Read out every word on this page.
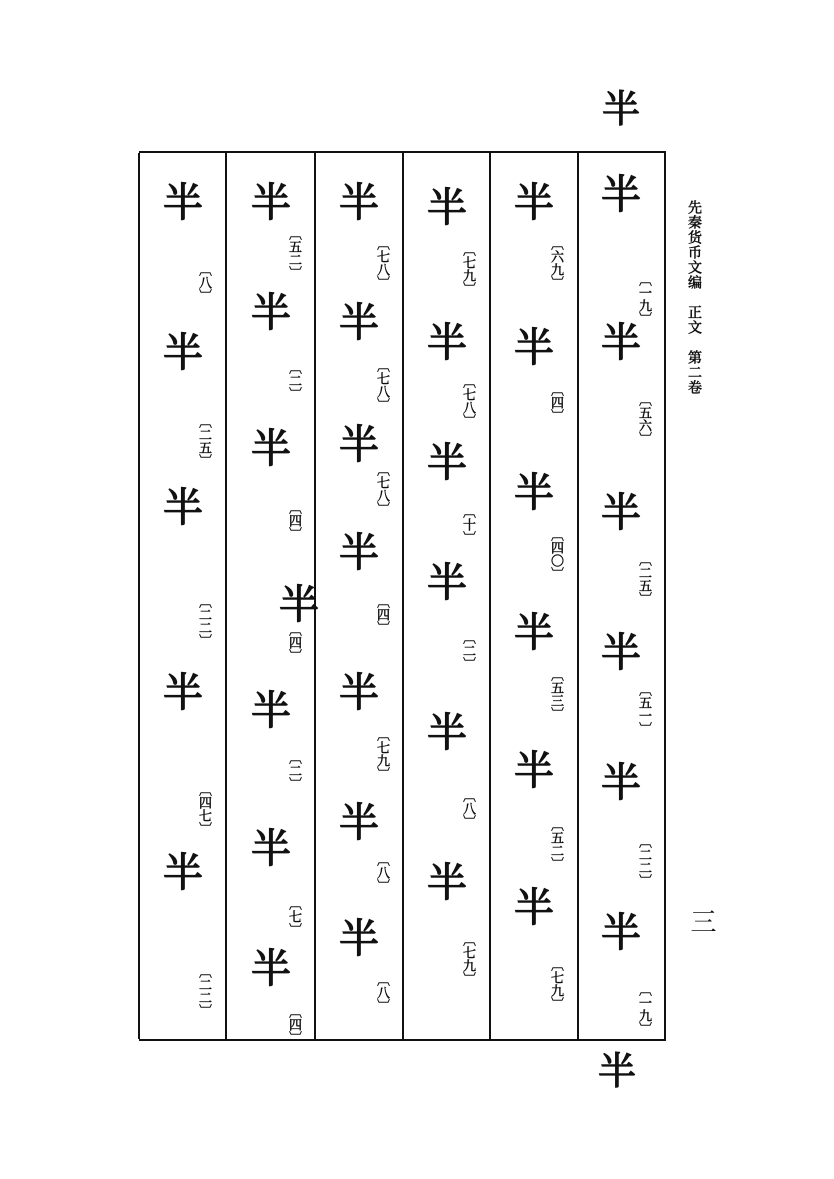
半
先秦货币文编　正文　第二卷
三
半
半
〔一九〕
半
〔五六〕
半
〔二五〕
半
〔五一〕
半
〔二二〕
半
〔一九〕
半
〔六九〕
半
〔四〕
半
〔四〇〕
半
〔五三〕
半
〔五二〕
半
〔七九〕
半
〔七九〕
半
〔七八〕
半
〔十〕
半
〔二〕
半
〔八〕
半
〔七九〕
半
〔七八〕
半
〔七八〕
半
〔七八〕
半
〔四〕
半
〔七九〕
半
〔八〕
半
〔八〕
半
〔五二〕
半
〔二〕
半
〔四〕
半
〔四〕
半
〔二〕
半
〔七〕
半
〔四〕
半
〔八〕
半
〔二五〕
半
〔二二〕
半
〔四七〕
半
〔二二〕
